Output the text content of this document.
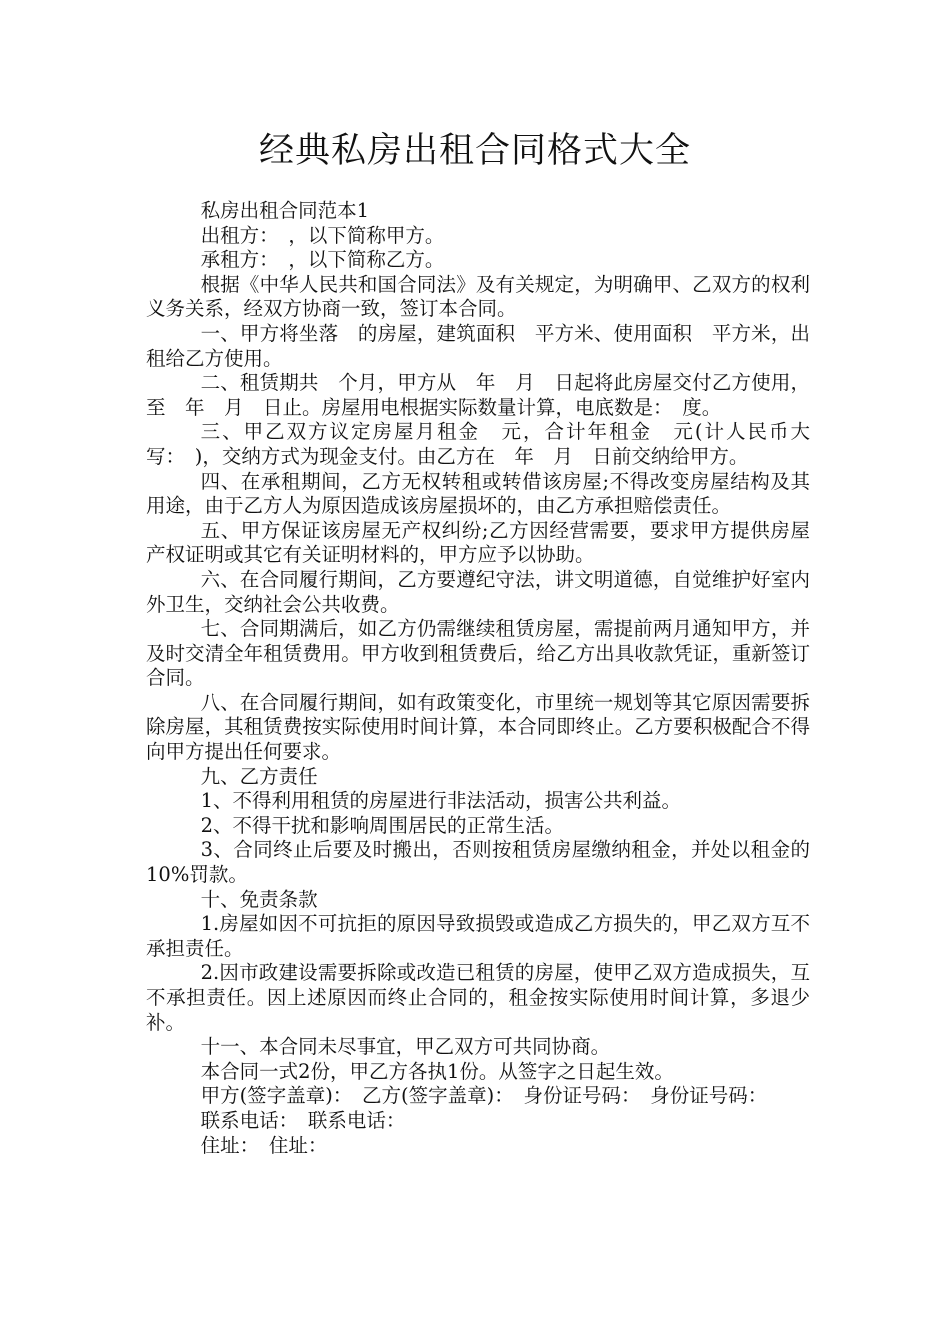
经典私房出租合同格式大全

私房出租合同范本1

出租方：　，以下简称甲方。

承租方：　，以下简称乙方。

根据《中华人民共和国合同法》及有关规定，为明确甲、乙双方的权利义务关系，经双方协商一致，签订本合同。

一、甲方将坐落　的房屋，建筑面积　平方米、使用面积　平方米，出租给乙方使用。

二、租赁期共　个月，甲方从　年　月　日起将此房屋交付乙方使用，至　年　月　日止。房屋用电根据实际数量计算，电底数是：　度。

三、甲乙双方议定房屋月租金　元，合计年租金　元(计人民币大写：　)，交纳方式为现金支付。由乙方在　年　月　日前交纳给甲方。

四、在承租期间，乙方无权转租或转借该房屋;不得改变房屋结构及其用途，由于乙方人为原因造成该房屋损坏的，由乙方承担赔偿责任。

五、甲方保证该房屋无产权纠纷;乙方因经营需要，要求甲方提供房屋产权证明或其它有关证明材料的，甲方应予以协助。

六、在合同履行期间，乙方要遵纪守法，讲文明道德，自觉维护好室内外卫生，交纳社会公共收费。

七、合同期满后，如乙方仍需继续租赁房屋，需提前两月通知甲方，并及时交清全年租赁费用。甲方收到租赁费后，给乙方出具收款凭证，重新签订合同。

八、在合同履行期间，如有政策变化，市里统一规划等其它原因需要拆除房屋，其租赁费按实际使用时间计算，本合同即终止。乙方要积极配合不得向甲方提出任何要求。

九、乙方责任

1、不得利用租赁的房屋进行非法活动，损害公共利益。

2、不得干扰和影响周围居民的正常生活。

3、合同终止后要及时搬出，否则按租赁房屋缴纳租金，并处以租金的10%罚款。

十、免责条款

1.房屋如因不可抗拒的原因导致损毁或造成乙方损失的，甲乙双方互不承担责任。

2.因市政建设需要拆除或改造已租赁的房屋，使甲乙双方造成损失，互不承担责任。因上述原因而终止合同的，租金按实际使用时间计算，多退少补。

十一、本合同未尽事宜，甲乙双方可共同协商。

本合同一式2份，甲乙方各执1份。从签字之日起生效。

甲方(签字盖章)：　乙方(签字盖章)：　身份证号码：　身份证号码：

联系电话：　联系电话：

住址：　住址：
